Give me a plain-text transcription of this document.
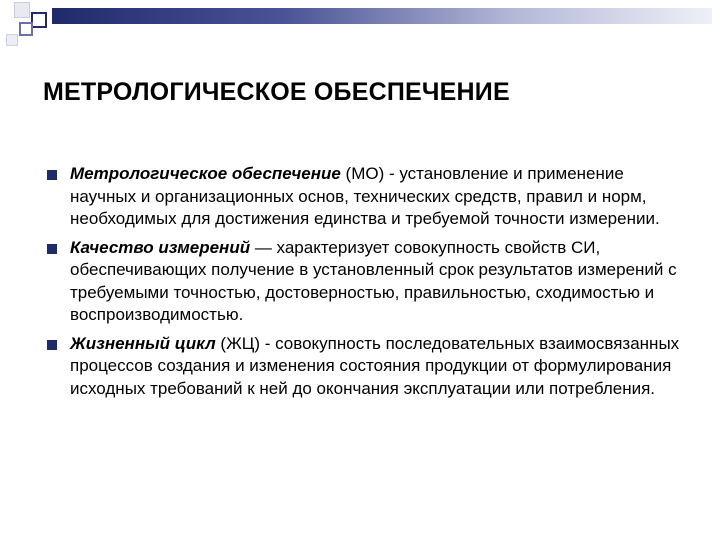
МЕТРОЛОГИЧЕСКОЕ ОБЕСПЕЧЕНИЕ
Метрологическое обеспечение (МО) - установление и применение научных и организационных основ, технических средств, правил и норм, необходимых для достижения единства и требуемой точности измерении.
Качество измерений — характеризует совокупность свойств СИ, обеспечивающих получение в установленный срок результатов измерений с требуемыми точностью, достоверностью, правильностью, сходимостью и воспроизводимостью.
Жизненный цикл (ЖЦ) - совокупность последовательных взаимосвязанных процессов создания и изменения состояния продукции от формулирования исходных требований к ней до окончания эксплуатации или потребления.
